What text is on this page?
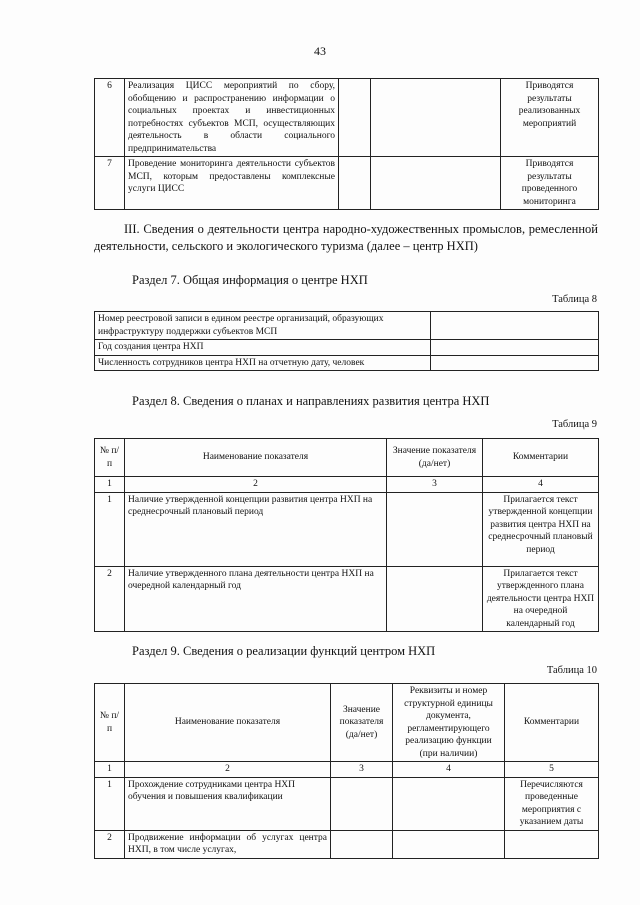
43
6	Реализация ЦИСС мероприятий по сбору, обобщению и распространению информации о социальных проектах и инвестиционных потребностях субъектов МСП, осуществляющих деятельность в области социального предпринимательства			Приводятся результаты реализованных мероприятий
7	Проведение мониторинга деятельности субъектов МСП, которым предоставлены комплексные услуги ЦИСС			Приводятся результаты проведенного мониторинга
III. Сведения о деятельности центра народно-художественных промыслов, ремесленной деятельности, сельского и экологического туризма (далее – центр НХП)
Раздел 7. Общая информация о центре НХП
Таблица 8
Номер реестровой записи в едином реестре организаций, образующих инфраструктуру поддержки субъектов МСП	
Год создания центра НХП	
Численность сотрудников центра НХП на отчетную дату, человек	
Раздел 8. Сведения о планах и направлениях развития центра НХП
Таблица 9
№ п/п	Наименование показателя	Значение показателя (да/нет)	Комментарии
1	2	3	4
1	Наличие утвержденной концепции развития центра НХП на среднесрочный плановый период		Прилагается текст утвержденной концепции развития центра НХП на среднесрочный плановый период
2	Наличие утвержденного плана деятельности центра НХП на очередной календарный год		Прилагается текст утвержденного плана деятельности центра НХП на очередной календарный год
Раздел 9. Сведения о реализации функций центром НХП
Таблица 10
№ п/п	Наименование показателя	Значение показателя (да/нет)	Реквизиты и номер структурной единицы документа, регламентирующего реализацию функции (при наличии)	Комментарии
1	2	3	4	5
1	Прохождение сотрудниками центра НХП обучения и повышения квалификации			Перечисляются проведенные мероприятия с указанием даты
2	Продвижение информации об услугах центра НХП, в том числе услугах,			
